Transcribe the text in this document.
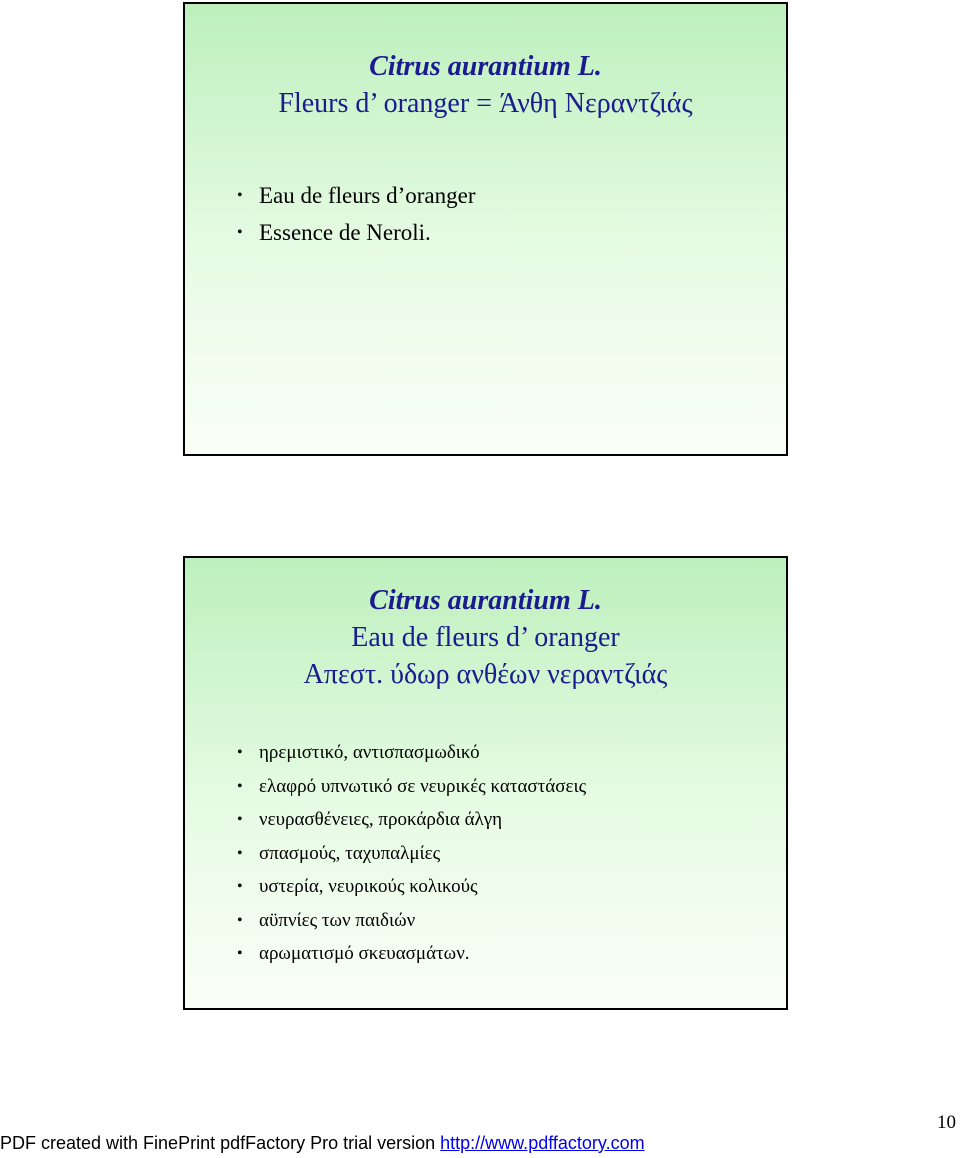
Citrus aurantium L.
Fleurs d’ oranger = Άνθη Νεραντζιάς
• Eau de fleurs d’oranger
• Essence de Neroli.
Citrus aurantium L.
Eau de fleurs d’ oranger
Απεστ. ύδωρ ανθέων νεραντζιάς
• ηρεμιστικό, αντισπασμωδικό
• ελαφρό υπνωτικό σε νευρικές καταστάσεις
• νευρασθένειες, προκάρδια άλγη
• σπασμούς, ταχυπαλμίες
• υστερία, νευρικούς κολικούς
• αϋπνίες των παιδιών
• αρωματισμό σκευασμάτων.
10
PDF created with FinePrint pdfFactory Pro trial version http://www.pdffactory.com
